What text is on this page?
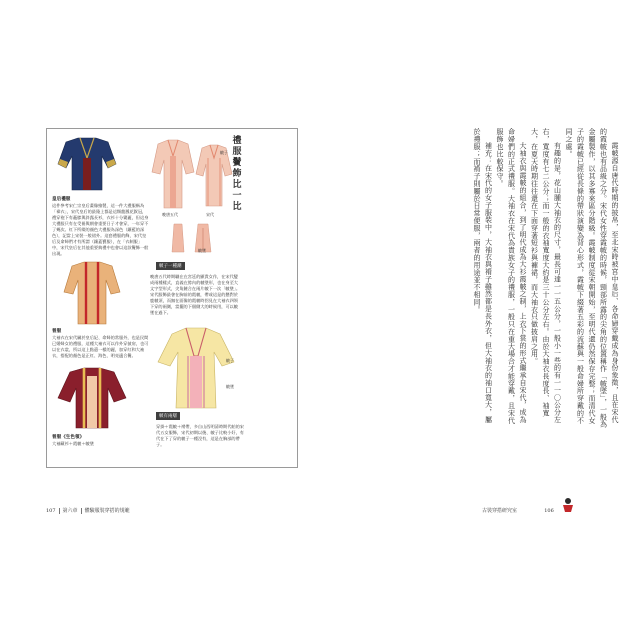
禮服鬢飾比一比
皇后禮服
這件參考宋仁宗皇后畫像繪製，這一件大禮服稱為「褘衣」，宋代皇后的最隆上都是這類龍鳳花釵冠，禮穿袍下有蔽膝與斜露長衫，衣衫十分繁麗，但這身大禮服只有在受冊與朝會重要日子才會穿，一年穿不了幾次。紅下所綴的顏色大禮服為深色（鑲藍的深色），記當上宋裝一般裙外。這套禮服的飾，宋代皇后及命婦們才有所謂（鑲蓋寶服），在「衣制服」中，宋代皇后在其他重要典禮中也會以這款鬢飾一般出現。
晚唐五代	宋代
帔子
帔墜
帔子一種潮
晚唐五代時期職在在宮廷的顯貴女作，在宋代變成兩種樣式，直義在脖內的帔墜形，也在身至大文字型形式，尖角鏈合在兩片帔下一次「帔墜」。宋代服飾最會在胸前的霞帔，帶或這是的懸對於鹿帔須，而無在面像的霞帔時拐見在大袖衣四領下穿的兩側，當擺的下個側大的時候用，可以帔墜在過下。
晉服
大袖衣在宋代屬於皇后妃、命婦的常服外，也是民間已婚婦女的禮服，這種大袖衣可以作外穿披肩，也可以在衣裳，所以這上點還一樣的麗，加穿紅和大袖衣，搭配的顏色是正紅、海色、明亮適合鬢。
晉服《生色領》
大袖藏衫＋霞帔＋帔墜
帔子
帔墜
帔有兩層
穿掛＋霞帔＋褙帶，多自山西明清時期代帕的宋代五女服飾，宋代初期以後、帔子比較小好，有代在下了穿的帔子一種沒有，這是在胸部的帶子。
107 第六章 體驗服裝穿搭的規範

霞帔源自唐代時期的披帛，至北宋時被宮中皇后、各命婦穿戴成為身份象徵，且在宋代的霞帔也有品級之分。宋代女性穿霞帔的時候，頸部所露的尖角的位置稱作「帔墜」，一般為金屬製作，以其多寡來區分階級。霞帔制度從宋朝開始，至明代還仍然保存完整；而清代女子的霞帔已經從長條的帶狀演變為背心形式，霞帔下綴著五彩的流蘇與一般命婦所穿戴的不同之處。

有趣的是，花山腫大袖衣的尺寸，最長可達一一五公分，一般小一些的有一一〇公分左右，寬度有七二公分；而一般的衣袖寬度大約是三十公分左右。由於大袖衣長度長、袖寬大，在夏天時期往往還在下面穿著短衫與褲裙，而大袖衣只做披肩之用。

大袖衣與霞帔的組合，到了明代成為大衫霞帔之制，上衣下裳的形式繼承自宋代，成為命婦們的正式禮服。大袖衣在宋代為貴族女子的禮服，一般只在重大場合才能穿戴，且宋代服飾也比較保守。

補充：在宋代的女子服裝中，大袖衣與褙子雖然都是長外衣，但大袖衣的袖口寬大，屬於禮服；而褙子則屬於日常便服，兩者的用途並不相同。

古裝穿搭研究室	106
